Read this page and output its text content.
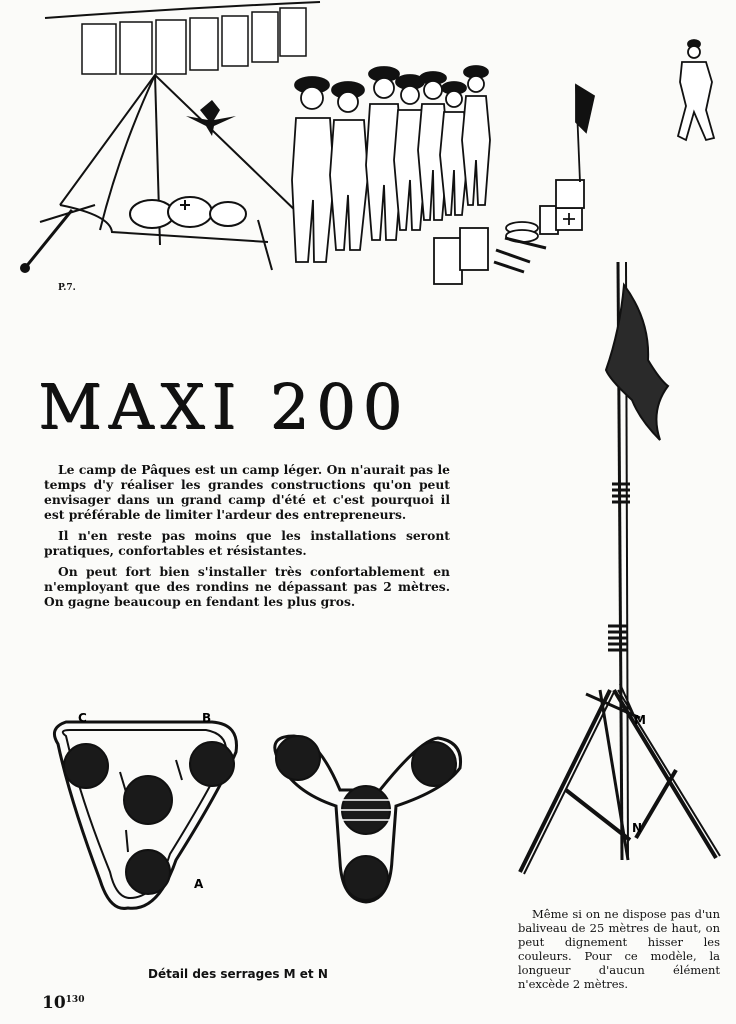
P.7.
MAXI 200

Le camp de Pâques est un camp léger. On n'aurait pas le temps d'y réaliser les grandes constructions qu'on peut envisager dans un grand camp d'été et c'est pourquoi il est préférable de limiter l'ardeur des entrepreneurs.

Il n'en reste pas moins que les installations seront pratiques, confortables et résistantes.

On peut fort bien s'installer très confortablement en n'employant que des rondins ne dépassant pas 2 mètres. On gagne beaucoup en fendant les plus gros.

M
N
C	B
A
Détail des serrages M et N
Même si on ne dispose pas d'un baliveau de 25 mètres de haut, on peut dignement hisser les couleurs. Pour ce modèle, la longueur d'aucun élément n'excède 2 mètres.
$10^{130}$
